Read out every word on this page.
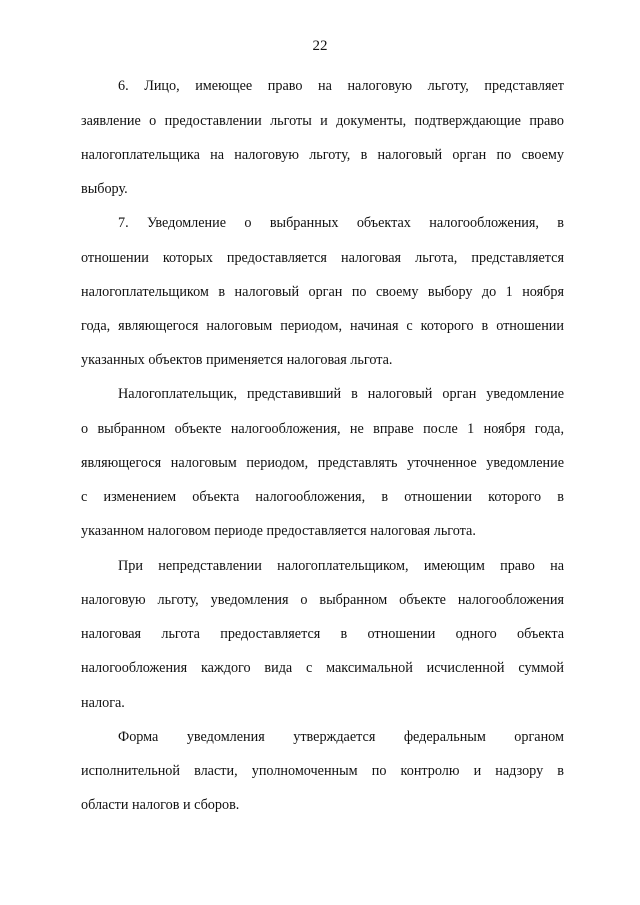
22
6. Лицо, имеющее право на налоговую льготу, представляет
заявление о предоставлении льготы и документы, подтверждающие право
налогоплательщика на налоговую льготу, в налоговый орган по своему
выбору.
7. Уведомление о выбранных объектах налогообложения, в
отношении которых предоставляется налоговая льгота, представляется
налогоплательщиком в налоговый орган по своему выбору до 1 ноября
года, являющегося налоговым периодом, начиная с которого в отношении
указанных объектов применяется налоговая льгота.
Налогоплательщик, представивший в налоговый орган уведомление
о выбранном объекте налогообложения, не вправе после 1 ноября года,
являющегося налоговым периодом, представлять уточненное уведомление
с изменением объекта налогообложения, в отношении которого в
указанном налоговом периоде предоставляется налоговая льгота.
При непредставлении налогоплательщиком, имеющим право на
налоговую льготу, уведомления о выбранном объекте налогообложения
налоговая льгота предоставляется в отношении одного объекта
налогообложения каждого вида с максимальной исчисленной суммой
налога.
Форма уведомления утверждается федеральным органом
исполнительной власти, уполномоченным по контролю и надзору в
области налогов и сборов.
